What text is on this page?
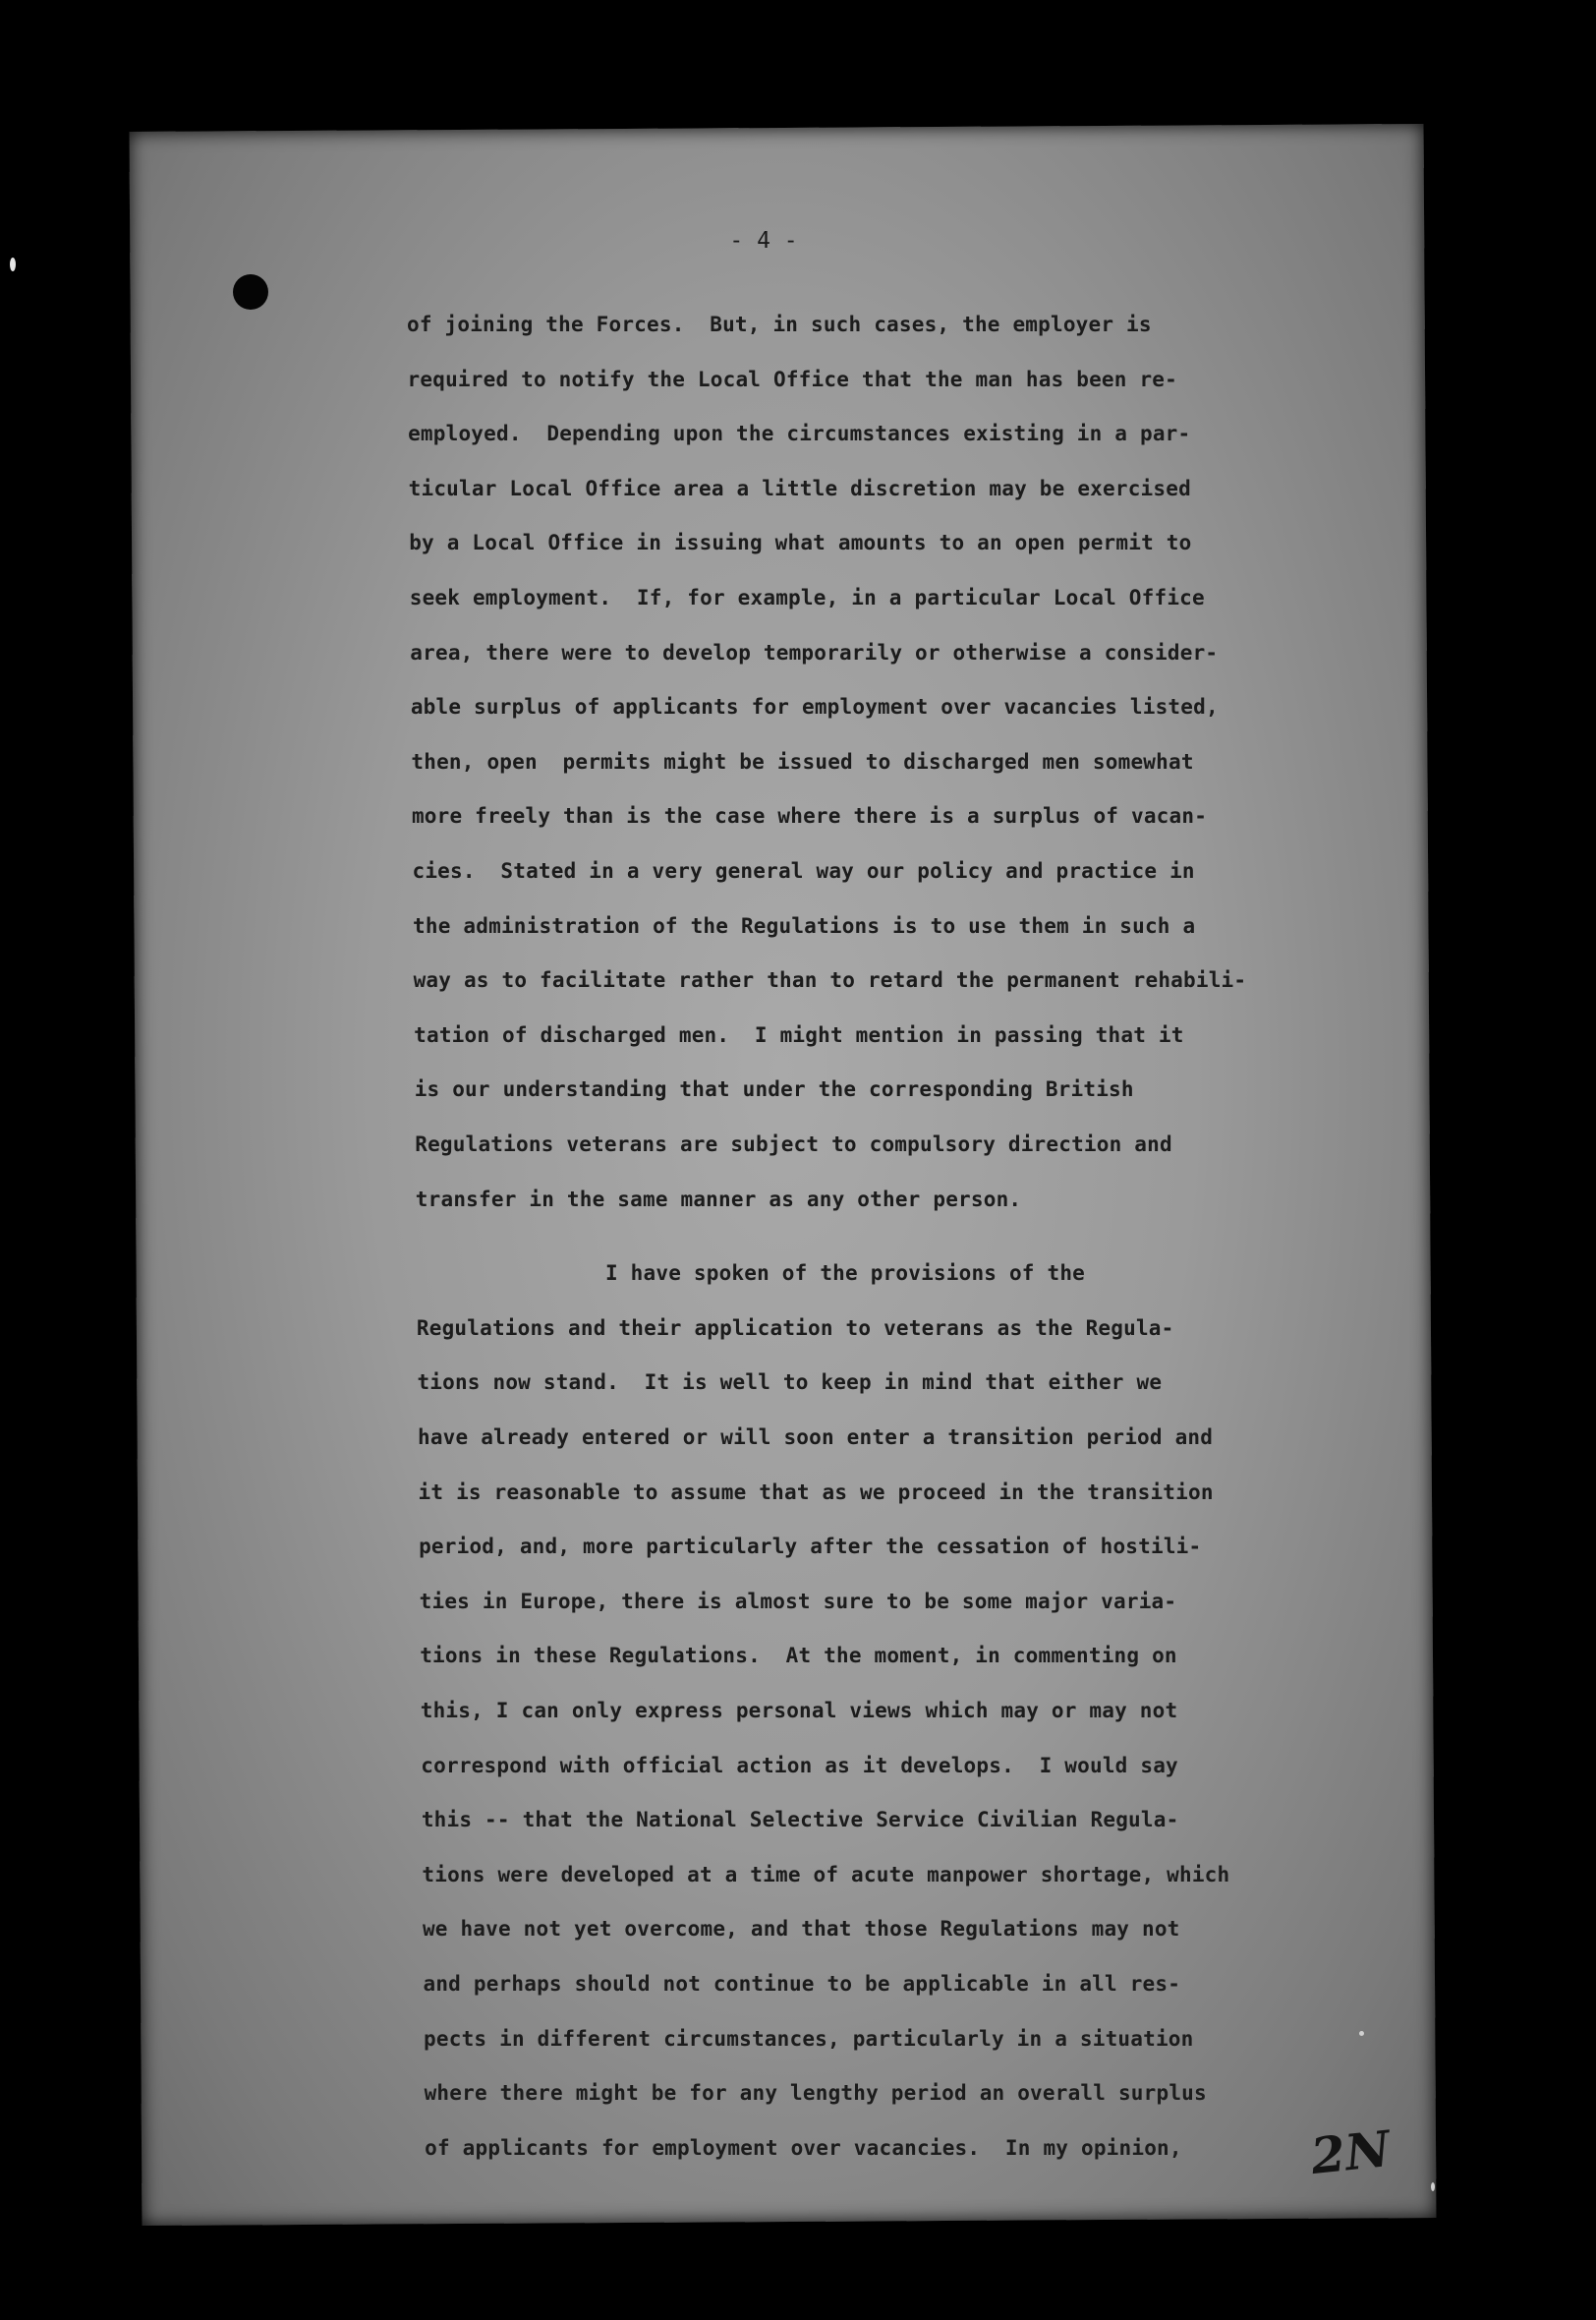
- 4 -
of joining the Forces.  But, in such cases, the employer is
required to notify the Local Office that the man has been re-
employed.  Depending upon the circumstances existing in a par-
ticular Local Office area a little discretion may be exercised
by a Local Office in issuing what amounts to an open permit to
seek employment.  If, for example, in a particular Local Office
area, there were to develop temporarily or otherwise a consider-
able surplus of applicants for employment over vacancies listed,
then, open  permits might be issued to discharged men somewhat
more freely than is the case where there is a surplus of vacan-
cies.  Stated in a very general way our policy and practice in
the administration of the Regulations is to use them in such a
way as to facilitate rather than to retard the permanent rehabili-
tation of discharged men.  I might mention in passing that it
is our understanding that under the corresponding British
Regulations veterans are subject to compulsory direction and
transfer in the same manner as any other person.
I have spoken of the provisions of the
Regulations and their application to veterans as the Regula-
tions now stand.  It is well to keep in mind that either we
have already entered or will soon enter a transition period and
it is reasonable to assume that as we proceed in the transition
period, and, more particularly after the cessation of hostili-
ties in Europe, there is almost sure to be some major varia-
tions in these Regulations.  At the moment, in commenting on
this, I can only express personal views which may or may not
correspond with official action as it develops.  I would say
this -- that the National Selective Service Civilian Regula-
tions were developed at a time of acute manpower shortage, which
we have not yet overcome, and that those Regulations may not
and perhaps should not continue to be applicable in all res-
pects in different circumstances, particularly in a situation
where there might be for any lengthy period an overall surplus
of applicants for employment over vacancies.  In my opinion,	2N
